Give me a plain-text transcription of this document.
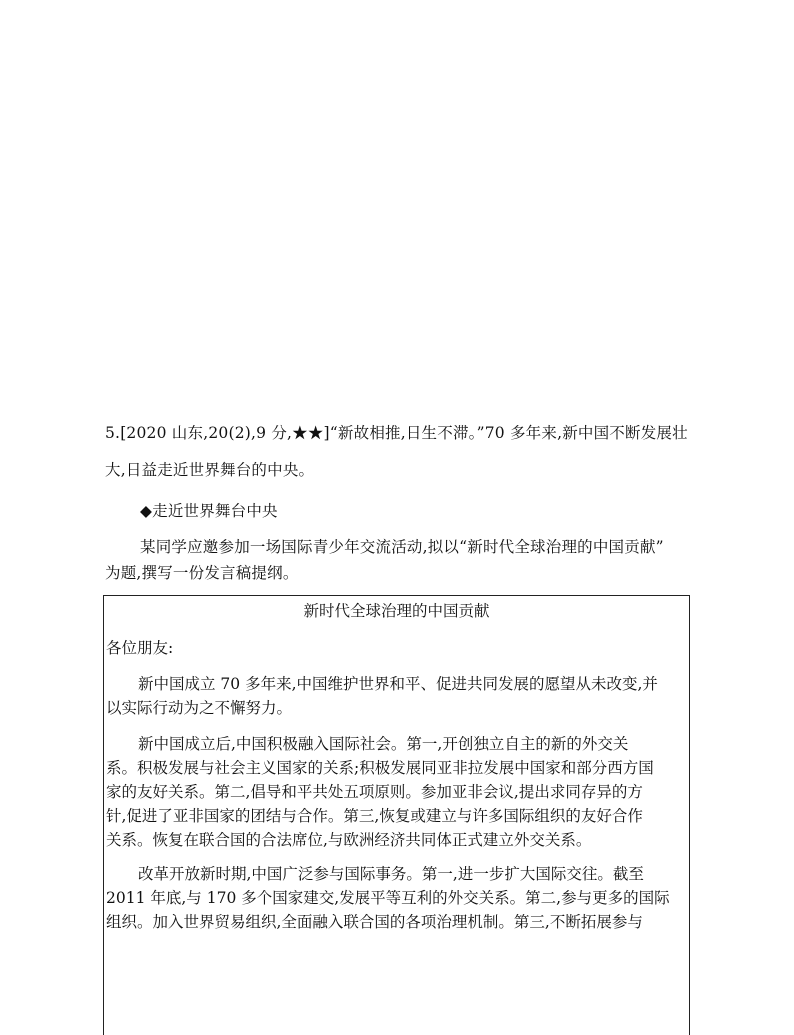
5.[2020 山东,20(2),9 分,★★]“新故相推,日生不滞。”70 多年来,新中国不断发展壮
大,日益走近世界舞台的中央。
◆走近世界舞台中央
某同学应邀参加一场国际青少年交流活动,拟以“新时代全球治理的中国贡献”
为题,撰写一份发言稿提纲。
新时代全球治理的中国贡献
各位朋友:
新中国成立 70 多年来,中国维护世界和平、促进共同发展的愿望从未改变,并
以实际行动为之不懈努力。
新中国成立后,中国积极融入国际社会。第一,开创独立自主的新的外交关
系。积极发展与社会主义国家的关系;积极发展同亚非拉发展中国家和部分西方国
家的友好关系。第二,倡导和平共处五项原则。参加亚非会议,提出求同存异的方
针,促进了亚非国家的团结与合作。第三,恢复或建立与许多国际组织的友好合作
关系。恢复在联合国的合法席位,与欧洲经济共同体正式建立外交关系。
改革开放新时期,中国广泛参与国际事务。第一,进一步扩大国际交往。截至
2011 年底,与 170 多个国家建交,发展平等互利的外交关系。第二,参与更多的国际
组织。加入世界贸易组织,全面融入联合国的各项治理机制。第三,不断拓展参与
